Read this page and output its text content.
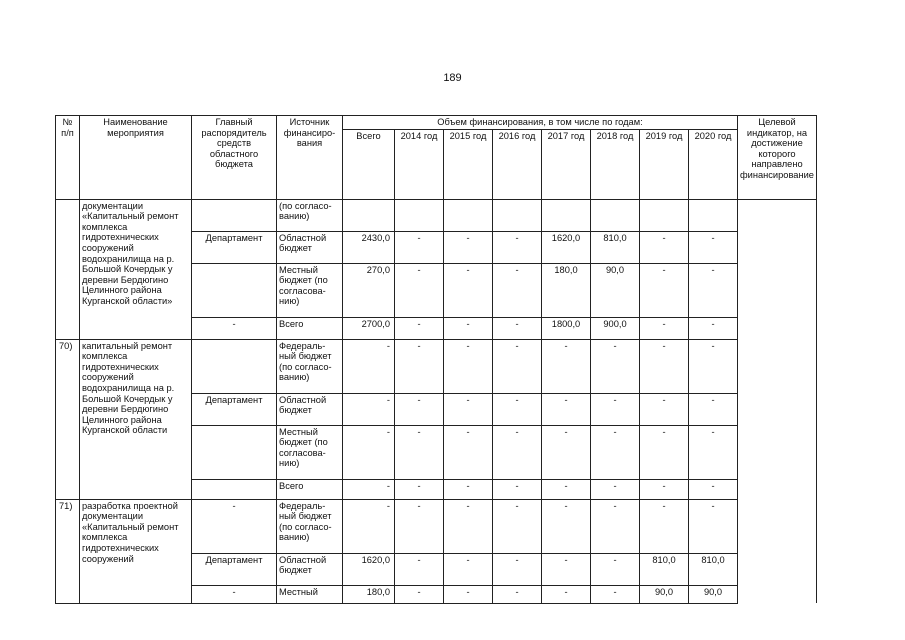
189
№ п/п	Наименование мероприятия	Главный распорядитель средств областного бюджета	Источник финансиро-вания	Объем финансирования, в том числе по годам:								Целевой индикатор, на достижение которого направлено финансирование
				Всего	2014 год	2015 год	2016 год	2017 год	2018 год	2019 год	2020 год	
	документации «Капитальный ремонт комплекса гидротехнических сооружений водохранилища на р. Большой Кочердык у деревни Бердюгино Целинного района Курганской области»		(по согласо-ванию)									
		Департамент	Областной бюджет	2430,0	-	-	-	1620,0	810,0	-	-	
			Местный бюджет (по согласова-нию)	270,0	-	-	-	180,0	90,0	-	-	
		-	Всего	2700,0	-	-	-	1800,0	900,0	-	-	
70)	капитальный ремонт комплекса гидротехнических сооружений водохранилища на р. Большой Кочердык у деревни Бердюгино Целинного района Курганской области		Федераль-ный бюджет (по согласо-ванию)	-	-	-	-	-	-	-	-	
		Департамент	Областной бюджет	-	-	-	-	-	-	-	-	
			Местный бюджет (по согласова-нию)	-	-	-	-	-	-	-	-	
			Всего	-	-	-	-	-	-	-	-	
71)	разработка проектной документации «Капитальный ремонт комплекса гидротехнических сооружений	-	Федераль-ный бюджет (по согласо-ванию)	-	-	-	-	-	-	-	-	
		Департамент	Областной бюджет	1620,0	-	-	-	-	-	810,0	810,0	
		-	Местный	180,0	-	-	-	-	-	90,0	90,0	
